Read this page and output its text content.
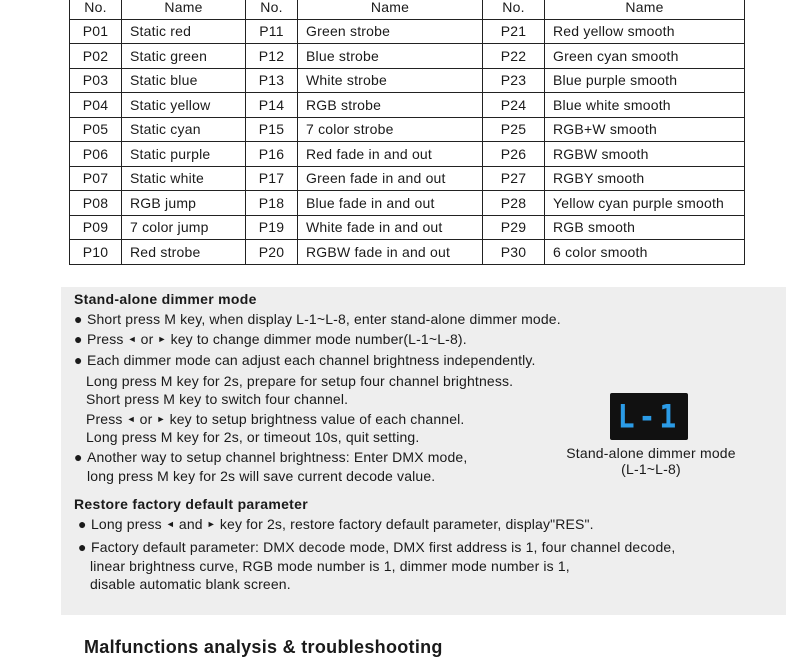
No.	Name	No.	Name	No.	Name
P01	Static red	P11	Green strobe	P21	Red yellow smooth
P02	Static green	P12	Blue strobe	P22	Green cyan smooth
P03	Static blue	P13	White strobe	P23	Blue purple smooth
P04	Static yellow	P14	RGB strobe	P24	Blue white smooth
P05	Static cyan	P15	7 color strobe	P25	RGB+W smooth
P06	Static purple	P16	Red fade in and out	P26	RGBW smooth
P07	Static white	P17	Green fade in and out	P27	RGBY smooth
P08	RGB jump	P18	Blue fade in and out	P28	Yellow cyan purple smooth
P09	7 color jump	P19	White fade in and out	P29	RGB smooth
P10	Red strobe	P20	RGBW fade in and out	P30	6 color smooth
Stand-alone dimmer mode
● Short press M key, when display L-1~L-8, enter stand-alone dimmer mode.
● Press ◄ or ► key to change dimmer mode number(L-1~L-8).
● Each dimmer mode can adjust each channel brightness independently.
Long press M key for 2s, prepare for setup four channel brightness.
Short press M key to switch four channel.
Press ◄ or ► key to setup brightness value of each channel.
Long press M key for 2s, or timeout 10s, quit setting.
● Another way to setup channel brightness: Enter DMX mode,
long press M key for 2s will save current decode value.
L-1
Stand-alone dimmer mode
(L-1~L-8)
Restore factory default parameter
● Long press ◄ and ► key for 2s, restore factory default parameter, display"RES".
● Factory default parameter: DMX decode mode, DMX first address is 1, four channel decode,
linear brightness curve, RGB mode number is 1, dimmer mode number is 1,
disable automatic blank screen.
Malfunctions analysis & troubleshooting
